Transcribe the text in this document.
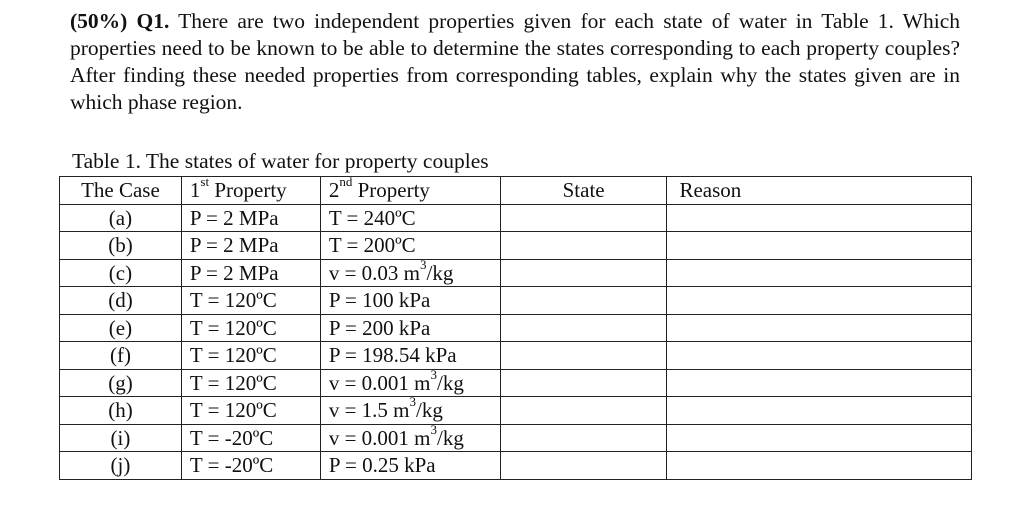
(50%) Q1. There are two independent properties given for each state of water in Table 1. Which properties need to be known to be able to determine the states corresponding to each property couples? After finding these needed properties from corresponding tables, explain why the states given are in which phase region.
Table 1. The states of water for property couples
The Case	1st Property	2nd Property	State	Reason
(a)	P = 2 MPa	T = 240ºC		
(b)	P = 2 MPa	T = 200ºC		
(c)	P = 2 MPa	v = 0.03 $m^3/kg$		
(d)	T = 120ºC	P = 100 kPa		
(e)	T = 120ºC	P = 200 kPa		
(f)	T = 120ºC	P = 198.54 kPa		
(g)	T = 120ºC	v = 0.001 $m^3/kg$		
(h)	T = 120ºC	v = 1.5 $m^3/kg$		
(i)	T = -20ºC	v = 0.001 $m^3/kg$		
(j)	T = -20ºC	P = 0.25 kPa		
